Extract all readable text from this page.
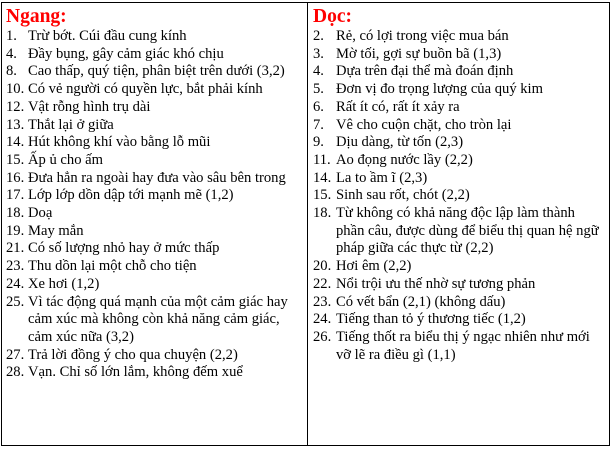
Ngang:
1. Trừ bớt. Cúi đầu cung kính
4. Đầy bụng, gây cảm giác khó chịu
8. Cao thấp, quý tiện, phân biệt trên dưới (3,2)
10. Có vẻ người có quyền lực, bắt phải kính
12. Vật rỗng hình trụ dài
13. Thắt lại ở giữa
14. Hút không khí vào bằng lỗ mũi
15. Ấp ủ cho ấm
16. Đưa hẳn ra ngoài hay đưa vào sâu bên trong
17. Lớp lớp dồn dập tới mạnh mẽ (1,2)
18. Doạ
19. May mắn
21. Có số lượng nhỏ hay ở mức thấp
23. Thu dồn lại một chỗ cho tiện
24. Xe hơi (1,2)
25. Vì tác động quá mạnh của một cảm giác hay cảm xúc mà không còn khả năng cảm giác, cảm xúc nữa (3,2)
27. Trả lời đồng ý cho qua chuyện (2,2)
28. Vạn. Chỉ số lớn lắm, không đếm xuể
Dọc:
2. Rẻ, có lợi trong việc mua bán
3. Mờ tối, gợi sự buồn bã (1,3)
4. Dựa trên đại thể mà đoán định
5. Đơn vị đo trọng lượng của quý kim
6. Rất ít có, rất ít xảy ra
7. Vê cho cuộn chặt, cho tròn lại
9. Dịu dàng, từ tốn (2,3)
11. Ao đọng nước lầy (2,2)
14. La to ầm ĩ (2,3)
15. Sinh sau rốt, chót (2,2)
18. Từ không có khả năng độc lập làm thành phần câu, được dùng để biểu thị quan hệ ngữ pháp giữa các thực từ (2,2)
20. Hơi êm (2,2)
22. Nổi trội ưu thế nhờ sự tương phản
23. Có vết bẩn (2,1) (không dấu)
24. Tiếng than tỏ ý thương tiếc (1,2)
26. Tiếng thốt ra biểu thị ý ngạc nhiên như mới vỡ lẽ ra điều gì (1,1)
